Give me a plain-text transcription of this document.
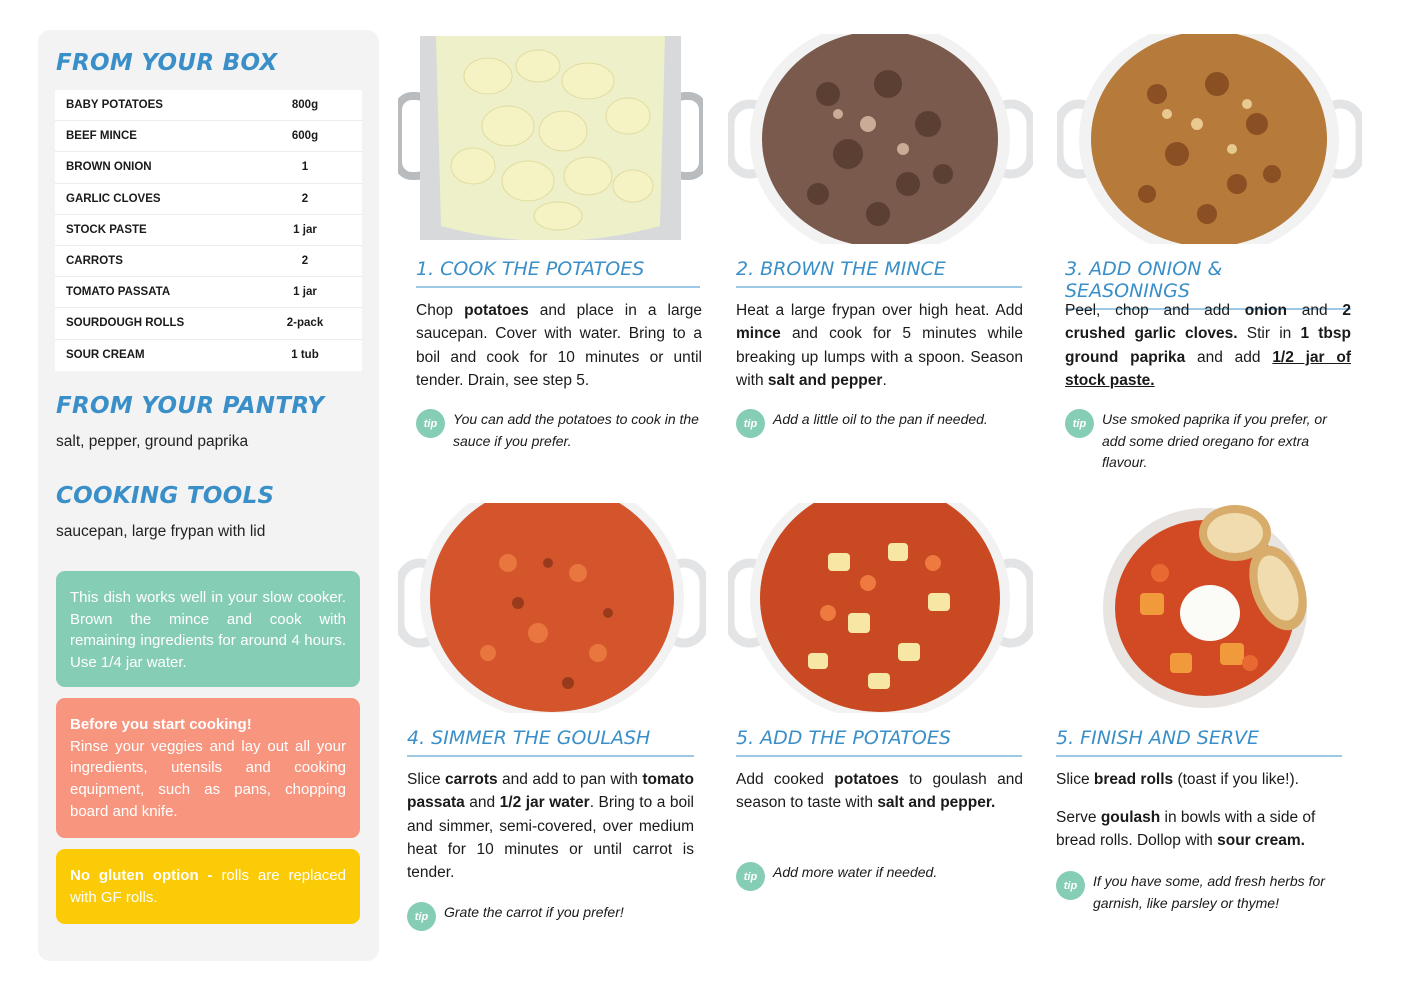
FROM YOUR BOX
BABY POTATOES	800g
BEEF MINCE	600g
BROWN ONION	1
GARLIC CLOVES	2
STOCK PASTE	1 jar
CARROTS	2
TOMATO PASSATA	1 jar
SOURDOUGH ROLLS	2-pack
SOUR CREAM	1 tub
FROM YOUR PANTRY
salt, pepper, ground paprika
COOKING TOOLS
saucepan, large frypan with lid
This dish works well in your slow cooker. Brown the mince and cook with remaining ingredients for around 4 hours. Use 1/4 jar water.
Before you start cooking!
Rinse your veggies and lay out all your ingredients, utensils and cooking equipment, such as pans, chopping board and knife.
No gluten option - rolls are replaced with GF rolls.
1. COOK THE POTATOES
Chop potatoes and place in a large saucepan. Cover with water. Bring to a boil and cook for 10 minutes or until tender. Drain, see step 5.
tip	You can add the potatoes to cook in the sauce if you prefer.
2. BROWN THE MINCE
Heat a large frypan over high heat. Add mince and cook for 5 minutes while breaking up lumps with a spoon. Season with salt and pepper.
tip	Add a little oil to the pan if needed.
3. ADD ONION & SEASONINGS
Peel, chop and add onion and 2 crushed garlic cloves. Stir in 1 tbsp ground paprika and add 1/2 jar of stock paste.
tip	Use smoked paprika if you prefer, or add some dried oregano for extra flavour.
4. SIMMER THE GOULASH
Slice carrots and add to pan with tomato passata and 1/2 jar water. Bring to a boil and simmer, semi-covered, over medium heat for 10 minutes or until carrot is tender.
tip	Grate the carrot if you prefer!
5. ADD THE POTATOES
Add cooked potatoes to goulash and season to taste with salt and pepper.
tip	Add more water if needed.
5. FINISH AND SERVE
Slice bread rolls (toast if you like!).
Serve goulash in bowls with a side of bread rolls. Dollop with sour cream.
tip	If you have some, add fresh herbs for garnish, like parsley or thyme!
